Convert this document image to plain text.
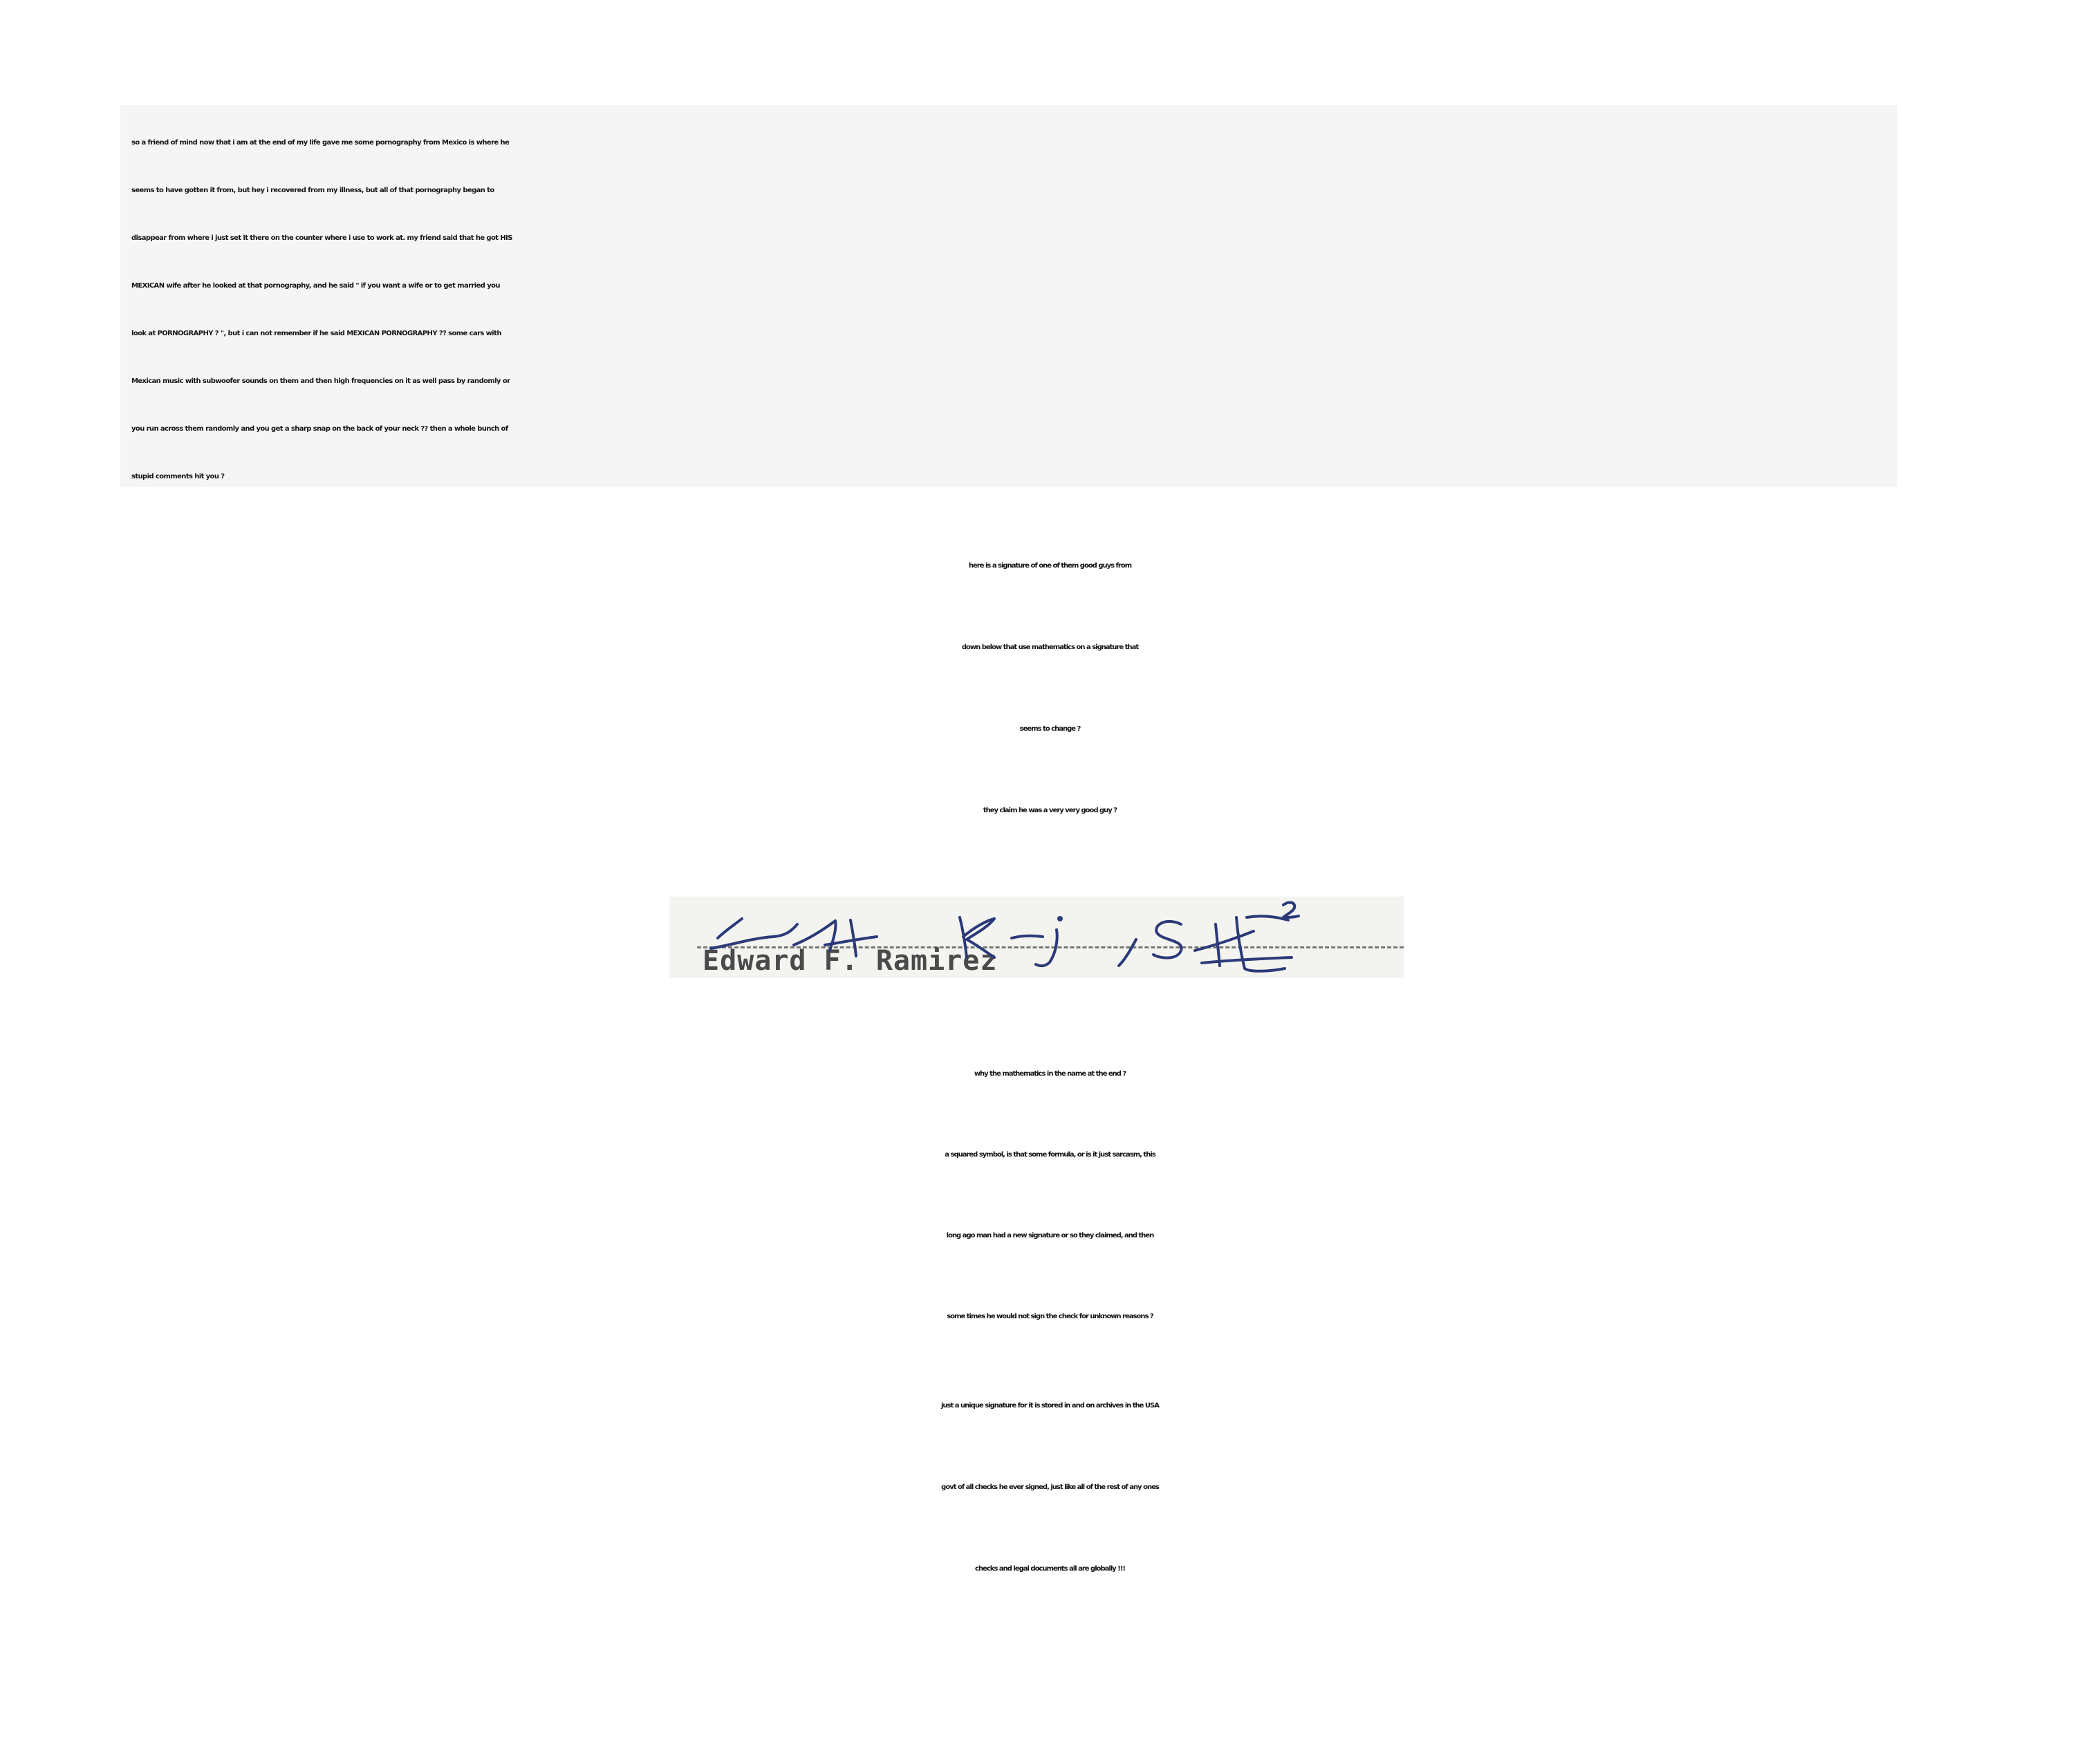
so a friend of mind now that i am at the end of my life gave me some pornography from Mexico is where he
seems to have gotten it from, but hey i recovered from my illness, but all of that pornography began to
disappear from where i just set it there on the counter where i use to work at. my friend said that he got HIS
MEXICAN wife after he looked at that pornography, and he said " if you want a wife or to get married you
look at PORNOGRAPHY ? ", but i can not remember if he said MEXICAN PORNOGRAPHY ?? some cars with
Mexican music with subwoofer sounds on them and then high frequencies on it as well pass by randomly or
you run across them randomly and you get a sharp snap on the back of your neck ?? then a whole bunch of
stupid comments hit you ?
here is a signature of one of them good guys from
down below that use mathematics on a signature that
seems to change ?
they claim he was a very very good guy ?
Edward F. Ramirez
why the mathematics in the name at the end ?
a squared symbol, is that some formula, or is it just sarcasm, this
long ago man had a new signature or so they claimed, and then
some times he would not sign the check for unknown reasons ?
just a unique signature for it is stored in and on archives in the USA
govt of all checks he ever signed, just like all of the rest of any ones
checks and legal documents all are globally !!!
